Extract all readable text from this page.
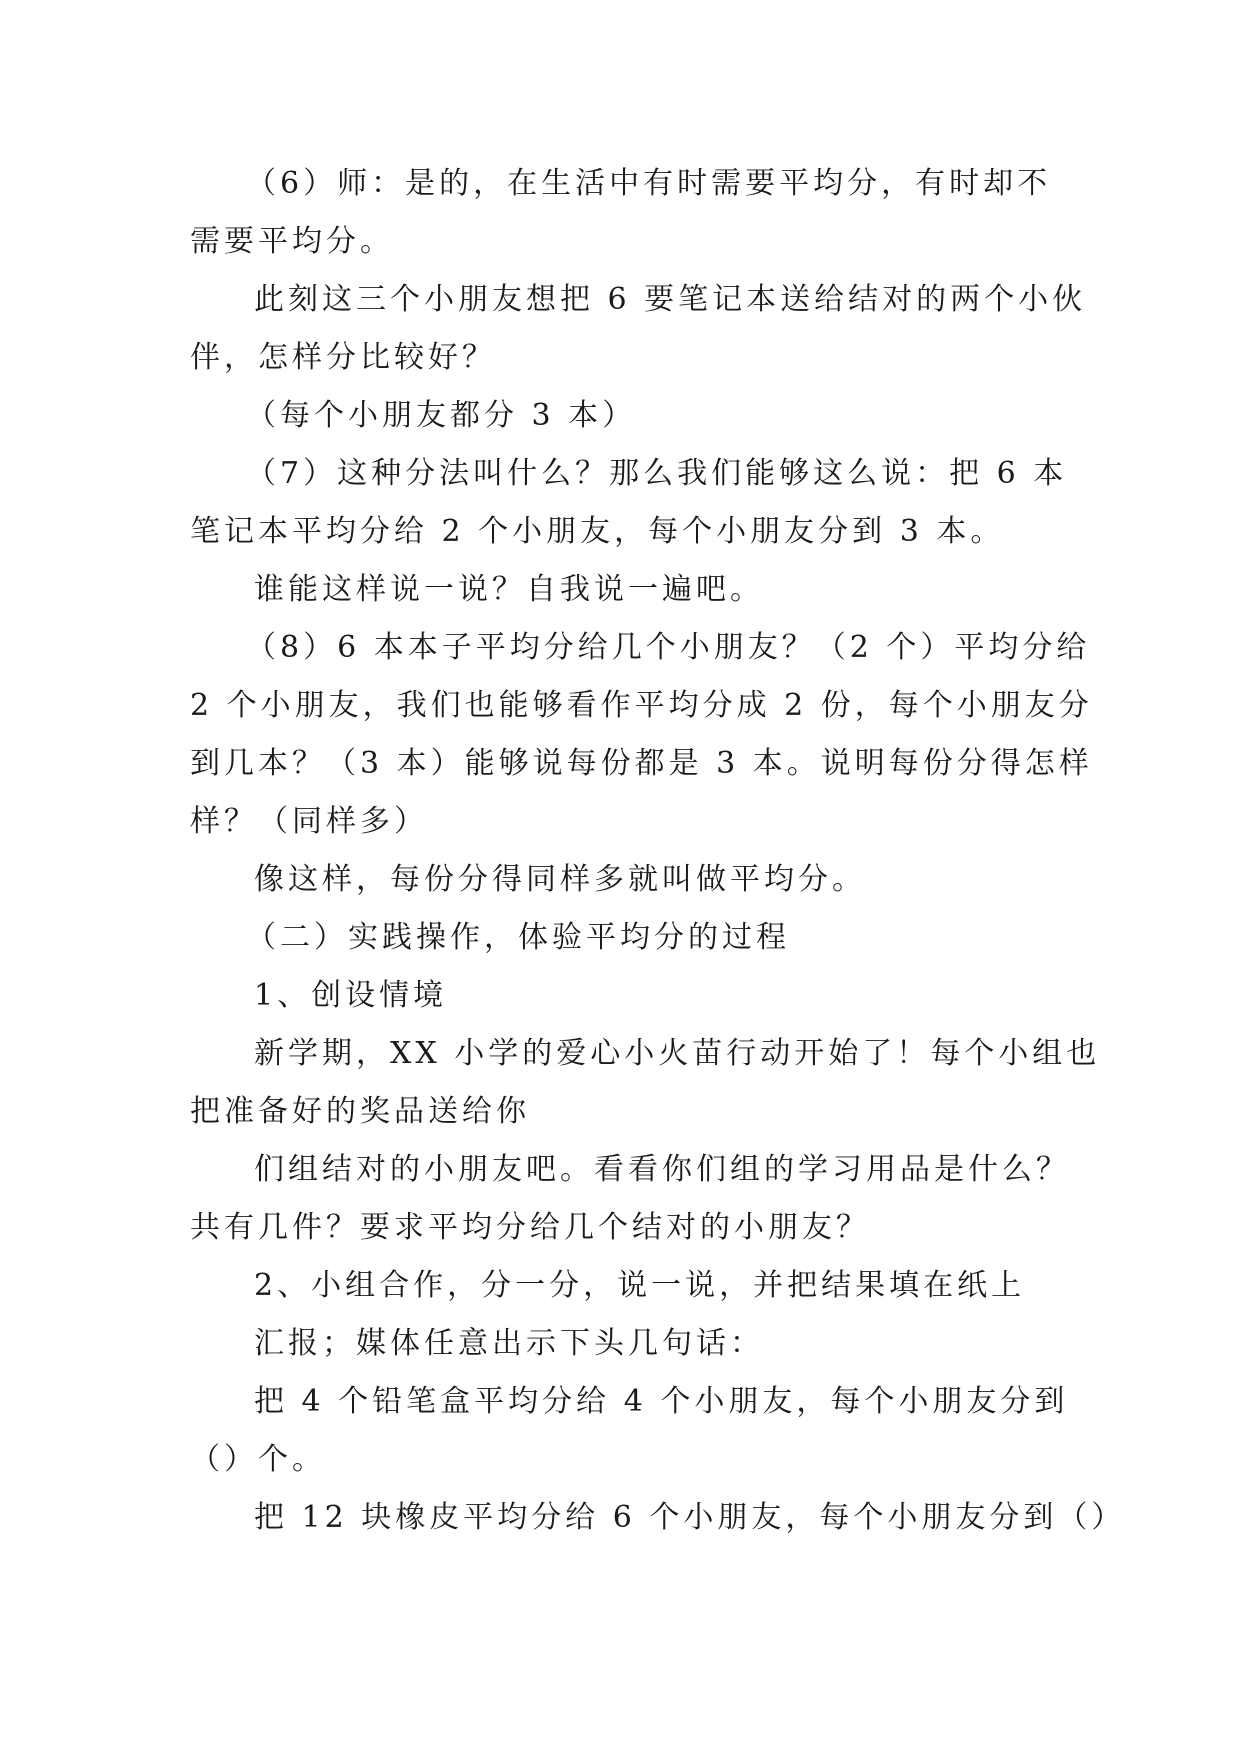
（6）师：是的，在生活中有时需要平均分，有时却不
需要平均分。
此刻这三个小朋友想把 6 要笔记本送给结对的两个小伙
伴，怎样分比较好？
（每个小朋友都分 3 本）
（7）这种分法叫什么？那么我们能够这么说：把 6 本
笔记本平均分给 2 个小朋友，每个小朋友分到 3 本。
谁能这样说一说？自我说一遍吧。
（8）6 本本子平均分给几个小朋友？（2 个）平均分给
2 个小朋友，我们也能够看作平均分成 2 份，每个小朋友分
到几本？（3 本）能够说每份都是 3 本。说明每份分得怎样
样？（同样多）
像这样，每份分得同样多就叫做平均分。
（二）实践操作，体验平均分的过程
1、创设情境
新学期，XX 小学的爱心小火苗行动开始了！每个小组也
把准备好的奖品送给你
们组结对的小朋友吧。看看你们组的学习用品是什么？
共有几件？要求平均分给几个结对的小朋友？
2、小组合作，分一分，说一说，并把结果填在纸上
汇报；媒体任意出示下头几句话：
把 4 个铅笔盒平均分给 4 个小朋友，每个小朋友分到
（）个。
把 12 块橡皮平均分给 6 个小朋友，每个小朋友分到（）
